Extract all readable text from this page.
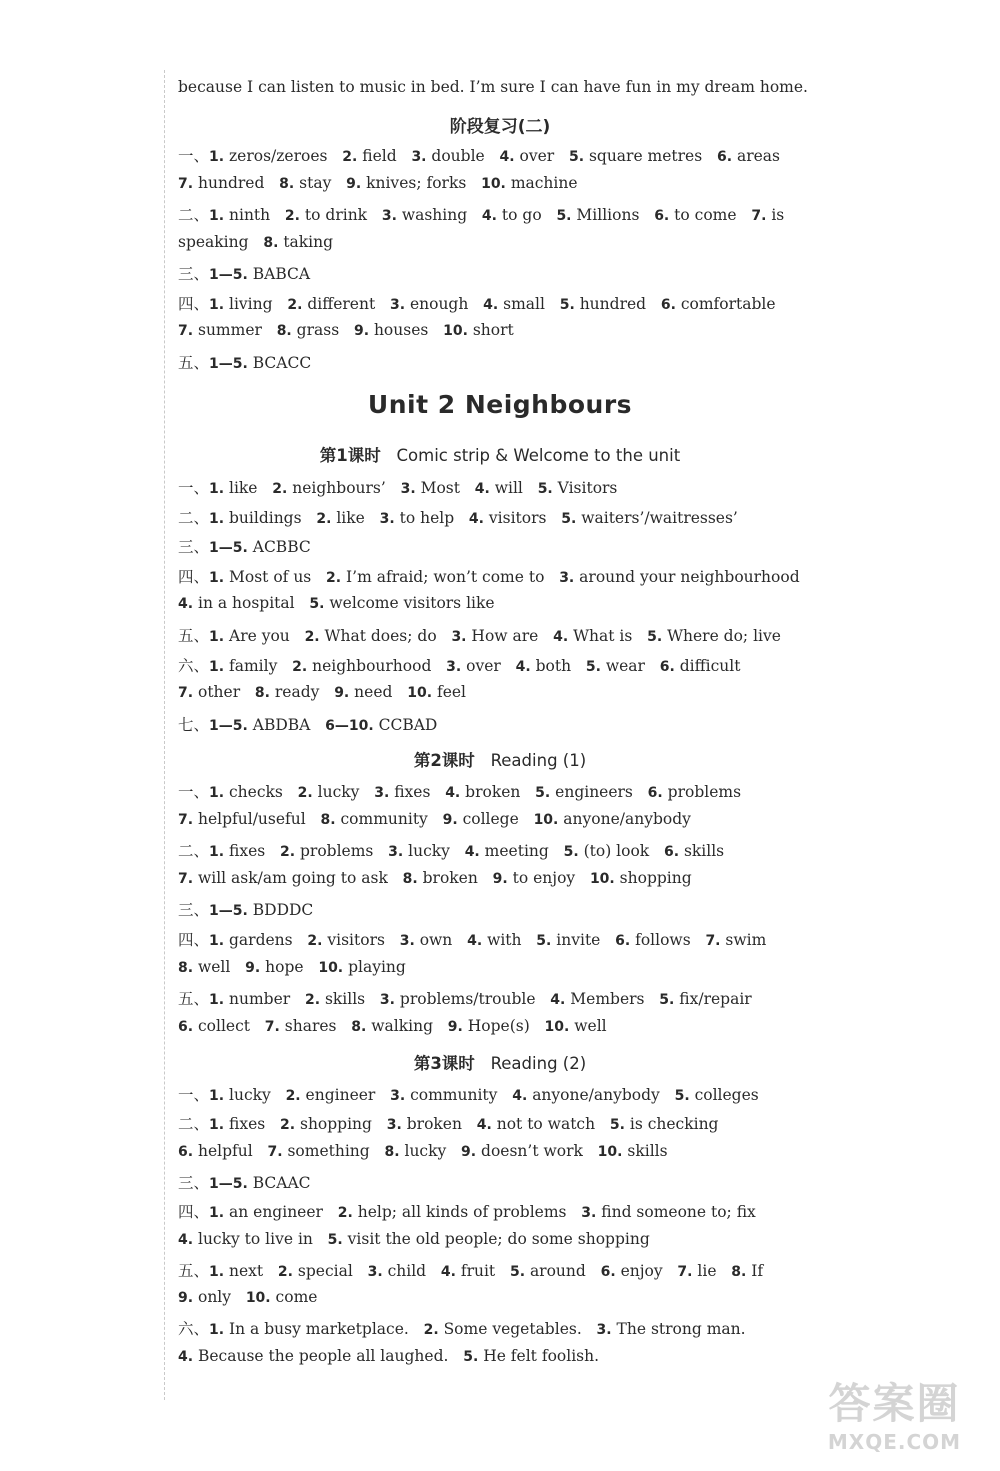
because I can listen to music in bed. I’m sure I can have fun in my dream home.
阶段复习(二)
一、1. zeros/zeroes   2. field   3. double   4. over   5. square metres   6. areas
7. hundred   8. stay   9. knives; forks   10. machine
二、1. ninth   2. to drink   3. washing   4. to go   5. Millions   6. to come   7. is
speaking   8. taking
三、1—5. BABCA
四、1. living   2. different   3. enough   4. small   5. hundred   6. comfortable
7. summer   8. grass   9. houses   10. short
五、1—5. BCACC
Unit 2 Neighbours
第1课时 Comic strip & Welcome to the unit
一、1. like   2. neighbours’   3. Most   4. will   5. Visitors
二、1. buildings   2. like   3. to help   4. visitors   5. waiters’/waitresses’
三、1—5. ACBBC
四、1. Most of us   2. I’m afraid; won’t come to   3. around your neighbourhood
4. in a hospital   5. welcome visitors like
五、1. Are you   2. What does; do   3. How are   4. What is   5. Where do; live
六、1. family   2. neighbourhood   3. over   4. both   5. wear   6. difficult
7. other   8. ready   9. need   10. feel
七、1—5. ABDBA   6—10. CCBAD
第2课时 Reading (1)
一、1. checks   2. lucky   3. fixes   4. broken   5. engineers   6. problems
7. helpful/useful   8. community   9. college   10. anyone/anybody
二、1. fixes   2. problems   3. lucky   4. meeting   5. (to) look   6. skills
7. will ask/am going to ask   8. broken   9. to enjoy   10. shopping
三、1—5. BDDDC
四、1. gardens   2. visitors   3. own   4. with   5. invite   6. follows   7. swim
8. well   9. hope   10. playing
五、1. number   2. skills   3. problems/trouble   4. Members   5. fix/repair
6. collect   7. shares   8. walking   9. Hope(s)   10. well
第3课时 Reading (2)
一、1. lucky   2. engineer   3. community   4. anyone/anybody   5. colleges
二、1. fixes   2. shopping   3. broken   4. not to watch   5. is checking
6. helpful   7. something   8. lucky   9. doesn’t work   10. skills
三、1—5. BCAAC
四、1. an engineer   2. help; all kinds of problems   3. find someone to; fix
4. lucky to live in   5. visit the old people; do some shopping
五、1. next   2. special   3. child   4. fruit   5. around   6. enjoy   7. lie   8. If
9. only   10. come
六、1. In a busy marketplace.   2. Some vegetables.   3. The strong man.
4. Because the people all laughed.   5. He felt foolish.
答案圈
MXQE.COM
